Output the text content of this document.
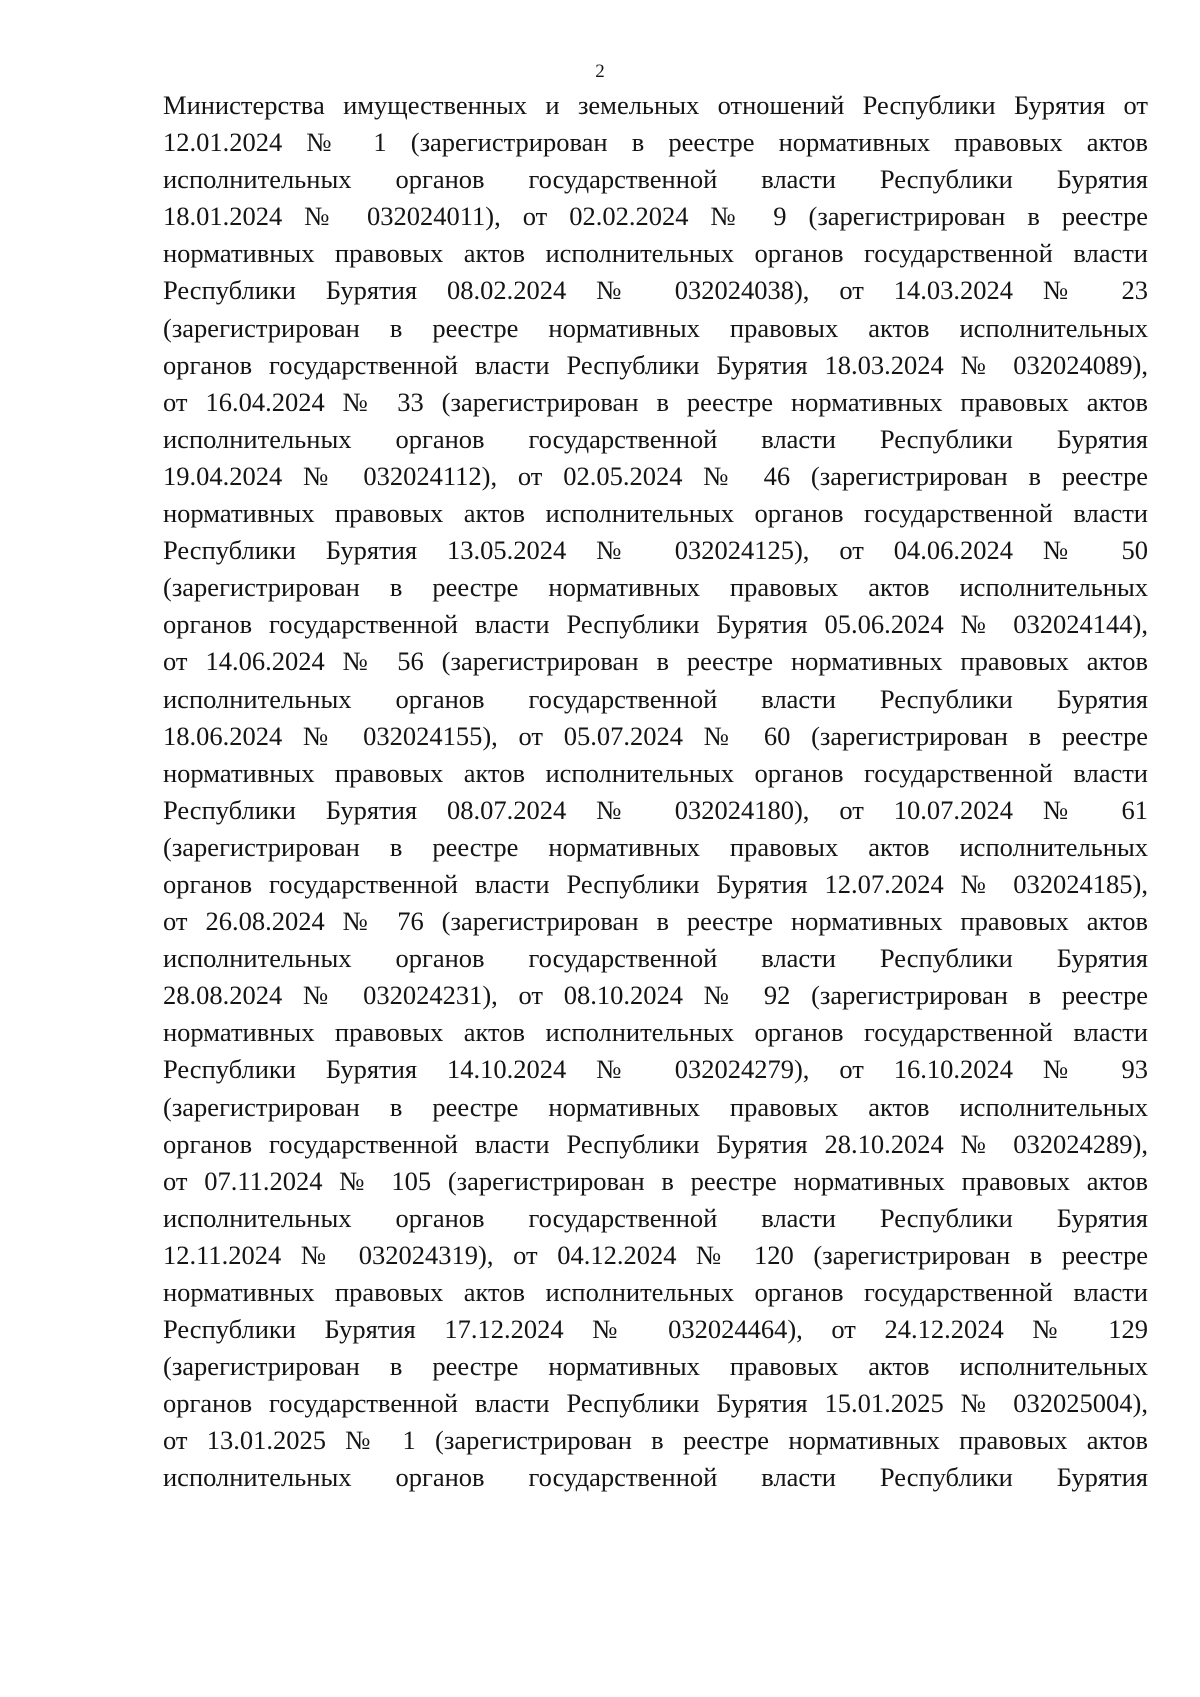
2
Министерства имущественных и земельных отношений Республики Бурятия от
12.01.2024 № 1 (зарегистрирован в реестре нормативных правовых актов
исполнительных органов государственной власти Республики Бурятия
18.01.2024 № 032024011), от 02.02.2024 № 9 (зарегистрирован в реестре
нормативных правовых актов исполнительных органов государственной власти
Республики Бурятия 08.02.2024 № 032024038), от 14.03.2024 № 23
(зарегистрирован в реестре нормативных правовых актов исполнительных
органов государственной власти Республики Бурятия 18.03.2024 № 032024089),
от 16.04.2024 № 33 (зарегистрирован в реестре нормативных правовых актов
исполнительных органов государственной власти Республики Бурятия
19.04.2024 № 032024112), от 02.05.2024 № 46 (зарегистрирован в реестре
нормативных правовых актов исполнительных органов государственной власти
Республики Бурятия 13.05.2024 № 032024125), от 04.06.2024 № 50
(зарегистрирован в реестре нормативных правовых актов исполнительных
органов государственной власти Республики Бурятия 05.06.2024 № 032024144),
от 14.06.2024 № 56 (зарегистрирован в реестре нормативных правовых актов
исполнительных органов государственной власти Республики Бурятия
18.06.2024 № 032024155), от 05.07.2024 № 60 (зарегистрирован в реестре
нормативных правовых актов исполнительных органов государственной власти
Республики Бурятия 08.07.2024 № 032024180), от 10.07.2024 № 61
(зарегистрирован в реестре нормативных правовых актов исполнительных
органов государственной власти Республики Бурятия 12.07.2024 № 032024185),
от 26.08.2024 № 76 (зарегистрирован в реестре нормативных правовых актов
исполнительных органов государственной власти Республики Бурятия
28.08.2024 № 032024231), от 08.10.2024 № 92 (зарегистрирован в реестре
нормативных правовых актов исполнительных органов государственной власти
Республики Бурятия 14.10.2024 № 032024279), от 16.10.2024 № 93
(зарегистрирован в реестре нормативных правовых актов исполнительных
органов государственной власти Республики Бурятия 28.10.2024 № 032024289),
от 07.11.2024 № 105 (зарегистрирован в реестре нормативных правовых актов
исполнительных органов государственной власти Республики Бурятия
12.11.2024 № 032024319), от 04.12.2024 № 120 (зарегистрирован в реестре
нормативных правовых актов исполнительных органов государственной власти
Республики Бурятия 17.12.2024 № 032024464), от 24.12.2024 № 129
(зарегистрирован в реестре нормативных правовых актов исполнительных
органов государственной власти Республики Бурятия 15.01.2025 № 032025004),
от 13.01.2025 № 1 (зарегистрирован в реестре нормативных правовых актов
исполнительных органов государственной власти Республики Бурятия
